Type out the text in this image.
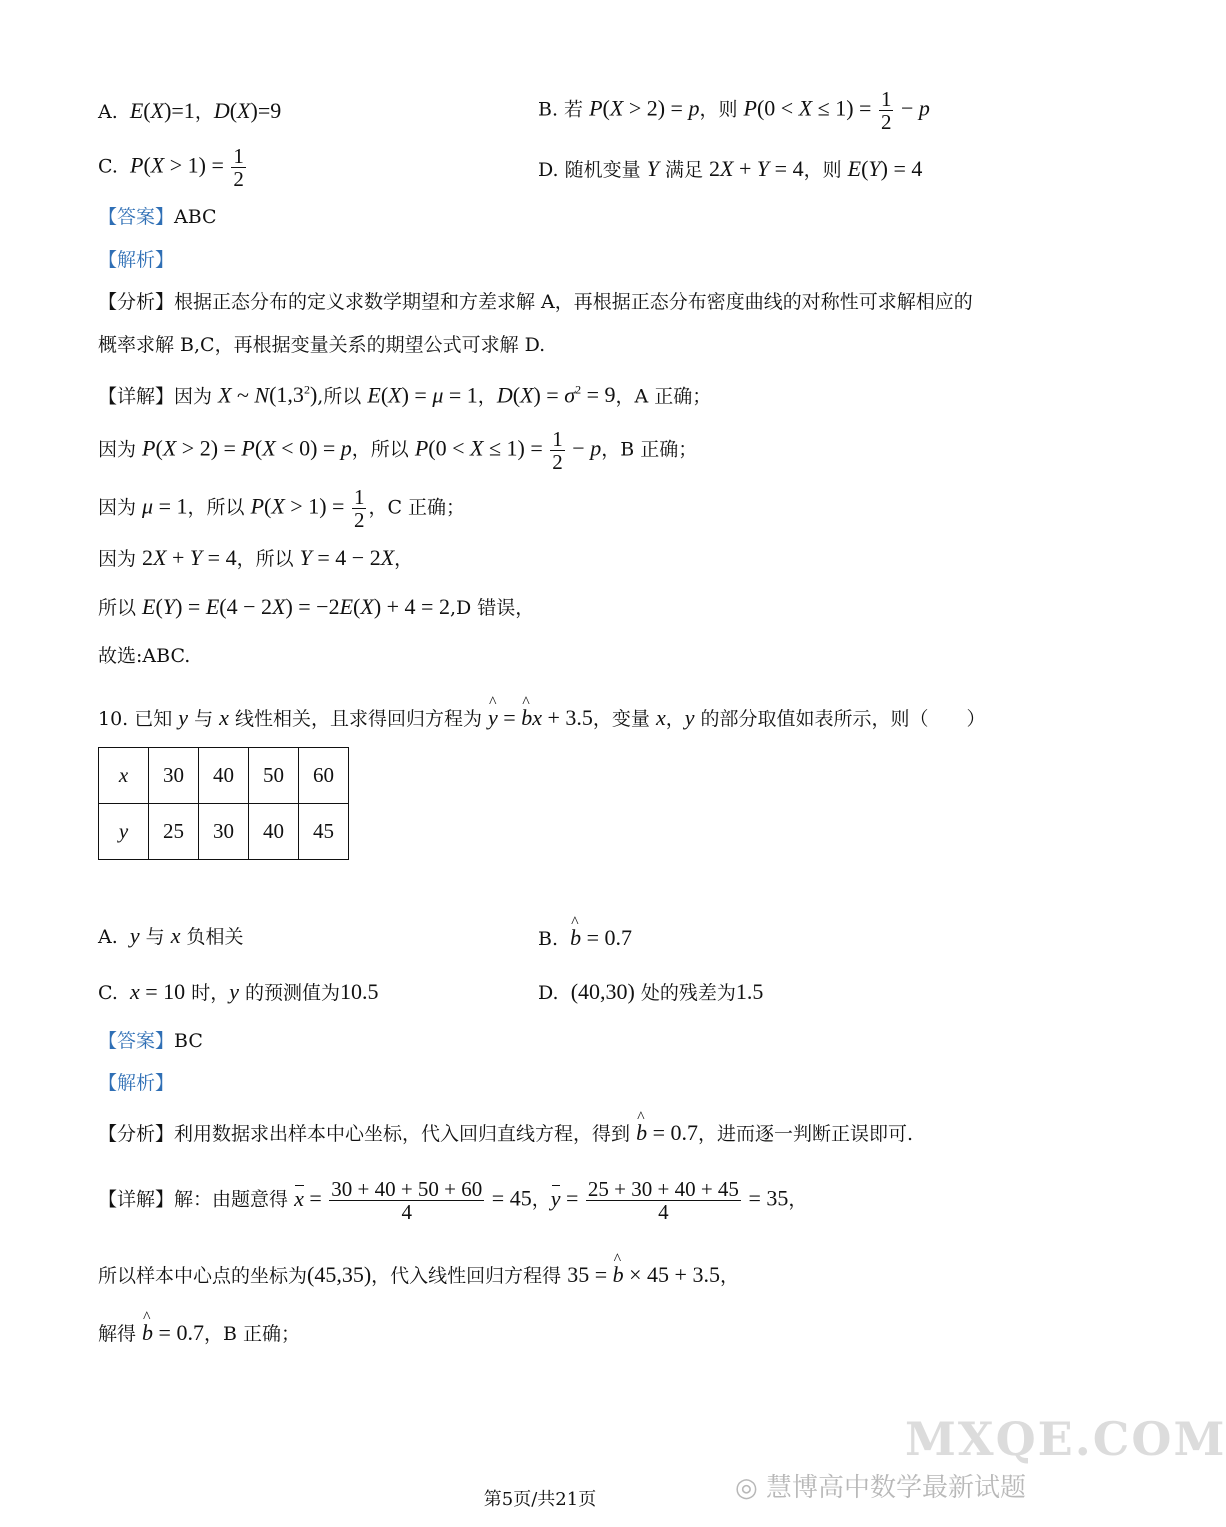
A.  E(X)=1，D(X)=9	B. 若 P(X > 2) = p，则 $P(0 < X \le 1) = \frac{1}{2} - p$
C.  $P(X > 1) = \frac{1}{2}$	D. 随机变量 Y 满足 2X + Y = 4，则 E(Y) = 4
【答案】ABC
【解析】
【分析】根据正态分布的定义求数学期望和方差求解 A，再根据正态分布密度曲线的对称性可求解相应的
概率求解 B,C，再根据变量关系的期望公式可求解 D.
【详解】因为 X ~ $N(1,3^2)$,所以 E(X) = μ = 1，$D(X) = \sigma^2 = 9$，A 正确；
因为 P(X > 2) = P(X < 0) = p，所以 $P(0 < X \le 1) = \frac{1}{2} - p$，B 正确；
因为 μ = 1，所以 $P(X > 1) = \frac{1}{2}$ ，C 正确；
因为 2X + Y = 4，所以 Y = 4 − 2X，
所以 E(Y) = E(4 − 2X) = −2E(X) + 4 = 2,D 错误，
故选:ABC.
10. 已知 y 与 x 线性相关，且求得回归方程为 ^ y = ^ bx + 3.5，变量 x，y 的部分取值如表所示，则（　　）
x	30	40	50	60
y	25	30	40	45
A.  y 与 x 负相关	B.  ^ b = 0.7
C.  x = 10 时，y 的预测值为10.5	D.  (40,30) 处的残差为1.5
【答案】BC
【解析】
【分析】利用数据求出样本中心坐标，代入回归直线方程，得到 ^ b = 0.7，进而逐一判断正误即可.
【详解】解：由题意得 $x = \frac{30 + 40 + 50 + 60}{4} = 45$，$y = \frac{25 + 30 + 40 + 45}{4} = 35$，
所以样本中心点的坐标为(45,35)，代入线性回归方程得 35 = ^ b × 45 + 3.5，
解得 ^ b = 0.7，B 正确；
MXQE.COM
◎ 慧博高中数学最新试题
第5页/共21页
